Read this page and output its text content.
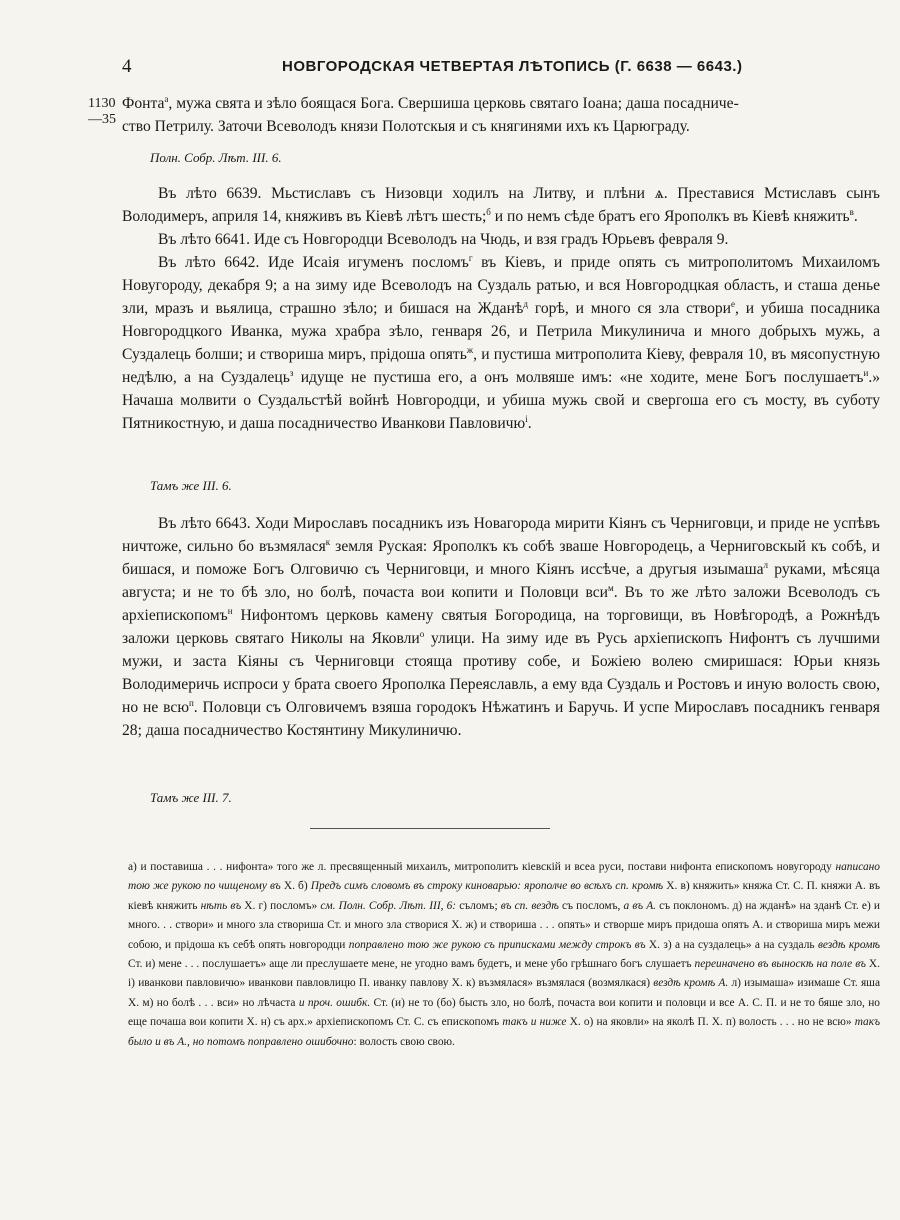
4	НОВГОРОДСКАЯ ЧЕТВЕРТАЯ ЛѢТОПИСЬ (Г. 6638 — 6643.)
1130
—35

Фонта$^а$, мужа свята и зѣло боящася Бога. Свершиша церковь святаго Іоана; даша посадниче-

ство Петрилу. Заточи Всеволодъ князи Полотскыя и съ княгинями ихъ къ Царюграду.

Полн. Собр. Лѣт. III. 6.

Въ лѣто 6639. Мьстиславъ съ Низовци ходилъ на Литву, и плѣни ѧ. Преставися Мстиславъ сынъ Володимеръ, априля 14, княживъ въ Кіевѣ лѣтъ шесть;$^б$ и по немъ сѣде братъ его Ярополкъ въ Кіевѣ княжить$^в$.

Въ лѣто 6641. Иде съ Новгородци Всеволодъ на Чюдь, и взя градъ Юрьевъ февраля 9.

Въ лѣто 6642. Иде Исаія игуменъ посломъ$^г$ въ Кіевъ, и приде опять съ митрополитомъ Михаиломъ Новугороду, декабря 9; а на зиму иде Всеволодъ на Суздаль ратью, и вся Новгородцкая область, и сташа денье зли, мразъ и вьялица, страшно зѣло; и бишася на Жданѣ$^д$ горѣ, и много ся зла створи$^е$, и убиша посадника Новгородцкого Иванка, мужа храбра зѣло, генваря 26, и Петрила Микулинича и много добрыхъ мужь, а Суздалець болши; и створиша миръ, прідоша опять$^ж$, и пустиша митрополита Кіеву, февраля 10, въ мясопустную недѣлю, а на Суздалець$^з$ идуще не пустиша его, а онъ молвяше имъ: «не ходите, мене Богъ послушаетъ$^и$.» Начаша молвити о Суздальстѣй войнѣ Новгородци, и убиша мужь свой и свергоша его съ мосту, въ суботу Пятникостную, и даша посадничество Иванкови Павловичю$^і$.

Тамъ же III. 6.

Въ лѣто 6643. Ходи Мирославъ посадникъ изъ Новагорода мирити Кіянъ съ Черниговци, и приде не успѣвъ ничтоже, сильно бо възмялася$^к$ земля Руская: Ярополкъ къ собѣ зваше Новгородець, а Черниговскый къ собѣ, и бишася, и поможе Богъ Олговичю съ Черниговци, и много Кіянъ иссѣче, а другыя изымаша$^л$ руками, мѣсяца августа; и не то бѣ зло, но болѣ, почаста вои копити и Половци вси$^м$. Въ то же лѣто заложи Всеволодъ съ архіепископомъ$^н$ Нифонтомъ церковь камену святыя Богородица, на торговищи, въ Новѣгородѣ, а Рожнѣдъ заложи церковь святаго Николы на Яковли$^о$ улици. На зиму иде въ Русь архіепископъ Нифонтъ съ лучшими мужи, и заста Кіяны съ Черниговци стояща противу собе, и Божіею волею смиришася: Юрьи князь Володимеричь испроси у брата своего Ярополка Переяславль, а ему вда Суздаль и Ростовъ и иную волость свою, но не всю$^п$. Половци съ Олговичемъ взяша городокъ Нѣжатинъ и Баручь. И успе Мирославъ посадникъ генваря 28; даша посадничество Костянтину Микулиничю.

Тамъ же III. 7.

а) и поставиша . . . нифонта» того же л. пресвященный михаилъ, митрополитъ кіевскій и всеа руси, постави нифонта епископомъ новугороду написано тою же рукою по чищеному въ Х. б) Предъ симъ словомъ въ строку киноварью: ярополче во всѣхъ сп. кромѣ Х. в) княжить» княжа Ст. С. П. княжи А. въ кіевѣ княжить нѣть въ Х. г) посломъ» см. Полн. Собр. Лѣт. III, 6: съломъ; въ сп. вездѣ съ посломъ, а въ А. съ поклономъ. д) на жданѣ» на зданѣ Ст. е) и много. . . створи» и много зла створиша Ст. и много зла створися Х. ж) и створиша . . . опять» и створше миръ придоша опять А. и створиша миръ межи собою, и прідоша къ себѣ опять новгородци поправлено тою же рукою съ приписками между строкъ въ Х. з) а на суздалець» а на суздаль вездѣ кромѣ Ст. и) мене . . . послушаетъ» аще ли преслушаете мене, не угодно вамъ будетъ, и мене убо грѣшнаго богъ слушаетъ переиначено въ выноскѣ на поле въ Х. і) иванкови павловичю» иванкови павловлицю П. иванку павлову Х. к) възмялася» възмялася (возмялкася) вездѣ кромѣ А. л) изымаша» изимаше Ст. яша Х. м) но болѣ . . . вси» но лѣчаста и проч. ошибк. Ст. (и) не то (бо) бысть зло, но болѣ, почаста вои копити и половци и все А. С. П. и не то бяше зло, но еще почаша вои копити Х. н) съ арх.» архіепископомъ Ст. С. съ епископомъ такъ и ниже Х. о) на яковли» на яколѣ П. Х. п) волость . . . но не всю» такъ было и въ А., но потомъ поправлено ошибочно: волость свою свою.
